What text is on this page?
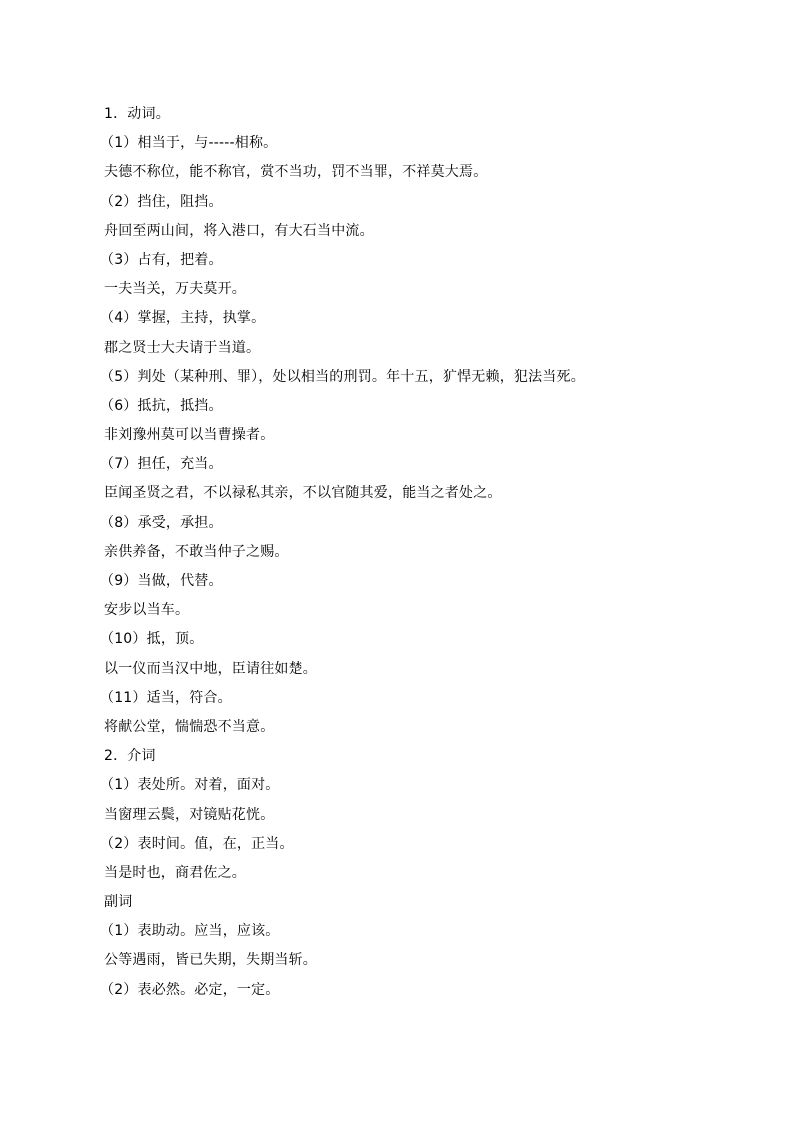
1．动词。
（1）相当于，与-----相称。
夫德不称位，能不称官，赏不当功，罚不当罪，不祥莫大焉。
（2）挡住，阻挡。
舟回至两山间，将入港口，有大石当中流。
（3）占有，把着。
一夫当关，万夫莫开。
（4）掌握，主持，执掌。
郡之贤士大夫请于当道。
（5）判处（某种刑、罪），处以相当的刑罚。年十五，犷悍无赖，犯法当死。
（6）抵抗，抵挡。
非刘豫州莫可以当曹操者。
（7）担任，充当。
臣闻圣贤之君，不以禄私其亲，不以官随其爱，能当之者处之。
（8）承受，承担。
亲供养备，不敢当仲子之赐。
（9）当做，代替。
安步以当车。
（10）抵，顶。
以一仪而当汉中地，臣请往如楚。
（11）适当，符合。
将献公堂，惴惴恐不当意。
2．介词
（1）表处所。对着，面对。
当窗理云鬓，对镜贴花恍。
（2）表时间。值，在，正当。
当是时也，商君佐之。
副词
（1）表助动。应当，应该。
公等遇雨，皆已失期，失期当斩。
（2）表必然。必定，一定。
